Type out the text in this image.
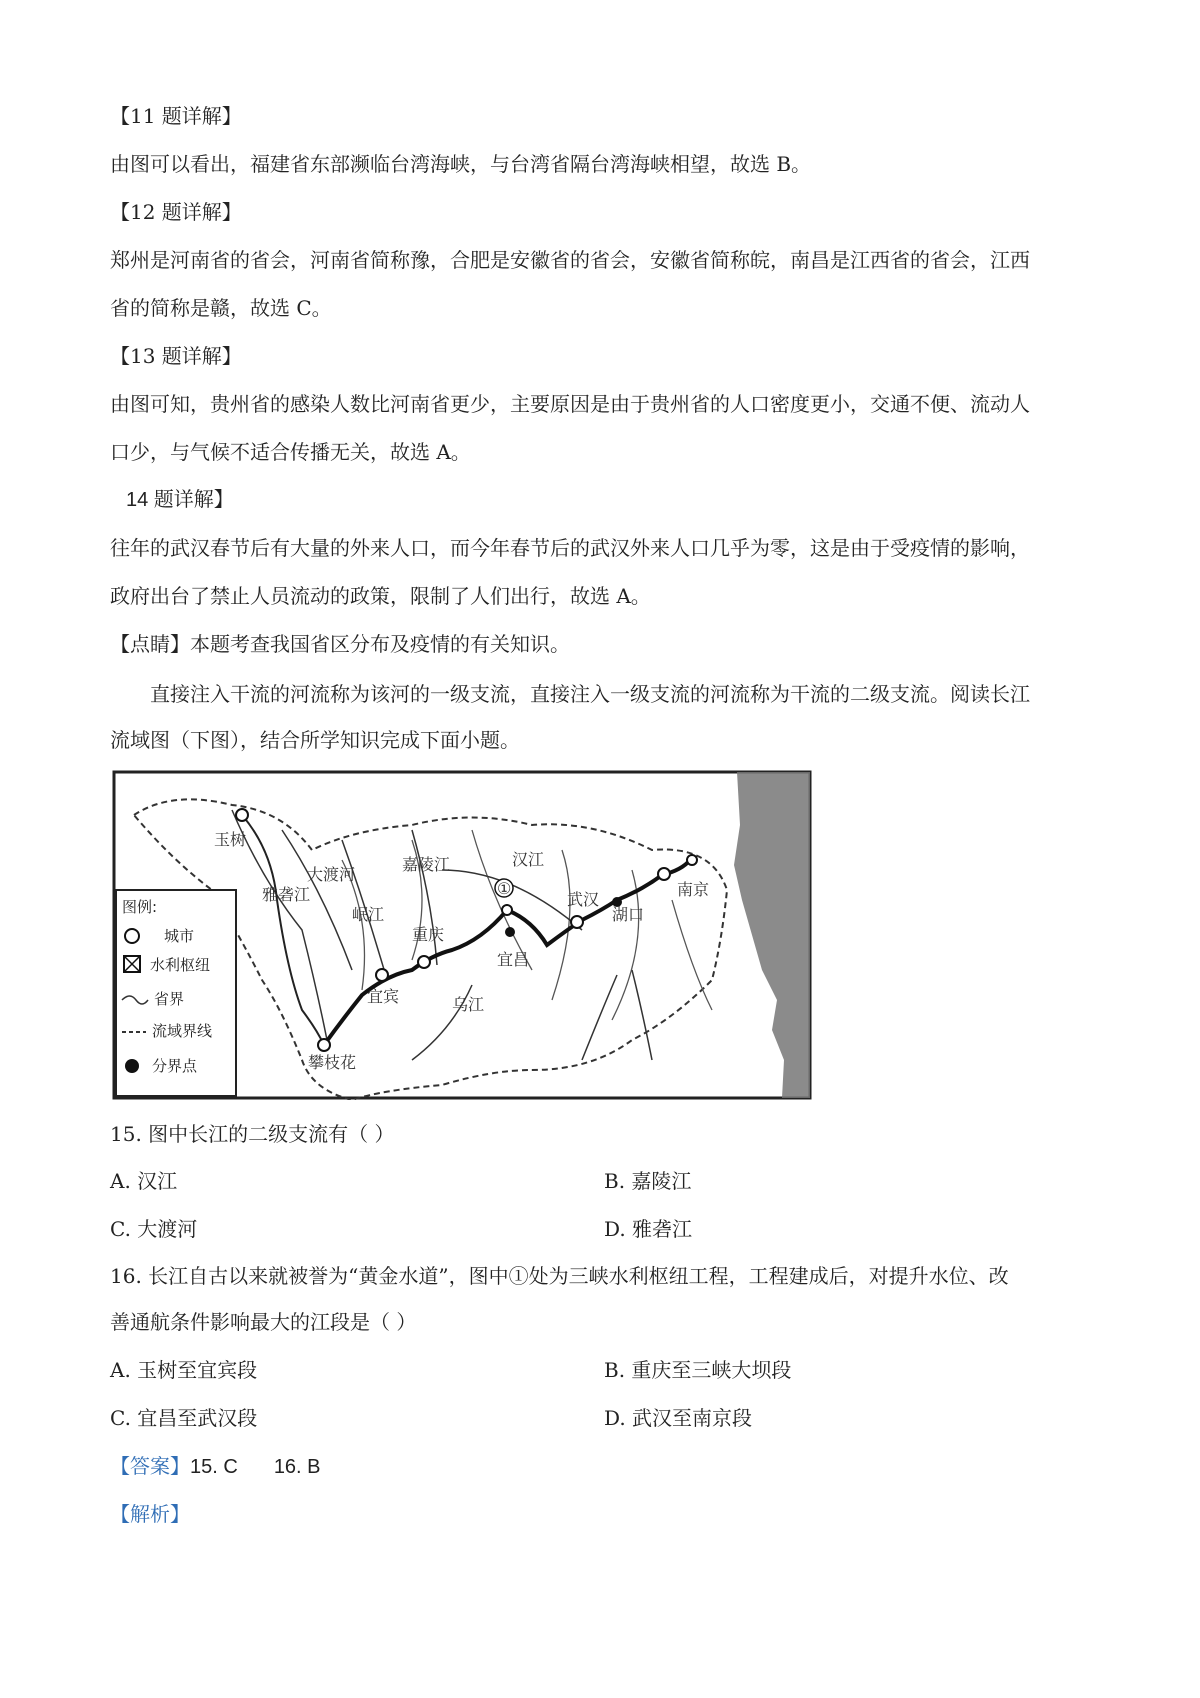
【11 题详解】
由图可以看出，福建省东部濒临台湾海峡，与台湾省隔台湾海峡相望，故选 B。
【12 题详解】
郑州是河南省的省会，河南省简称豫，合肥是安徽省的省会，安徽省简称皖，南昌是江西省的省会，江西
省的简称是赣，故选 C。
【13 题详解】
由图可知，贵州省的感染人数比河南省更少，主要原因是由于贵州省的人口密度更小，交通不便、流动人
口少，与气候不适合传播无关，故选 A。
14 题详解】
往年的武汉春节后有大量的外来人口，而今年春节后的武汉外来人口几乎为零，这是由于受疫情的影响，
政府出台了禁止人员流动的政策，限制了人们出行，故选 A。
【点睛】本题考查我国省区分布及疫情的有关知识。
直接注入干流的河流称为该河的一级支流，直接注入一级支流的河流称为干流的二级支流。阅读长江
流域图（下图），结合所学知识完成下面小题。
①
玉树
雅砻江
大渡河
岷江
嘉陵江	汉江
武汉
湖口
南京
宜昌
重庆
宜宾
攀枝花
乌江
图例:
城市
水利枢纽
省界
流域界线
分界点
15. 图中长江的二级支流有（ ）
A. 汉江	B. 嘉陵江
C. 大渡河	D. 雅砻江
16. 长江自古以来就被誉为“黄金水道”，图中①处为三峡水利枢纽工程，工程建成后，对提升水位、改
善通航条件影响最大的江段是（ ）
A. 玉树至宜宾段	B. 重庆至三峡大坝段
C. 宜昌至武汉段	D. 武汉至南京段
【答案】15. C 16. B
【解析】
